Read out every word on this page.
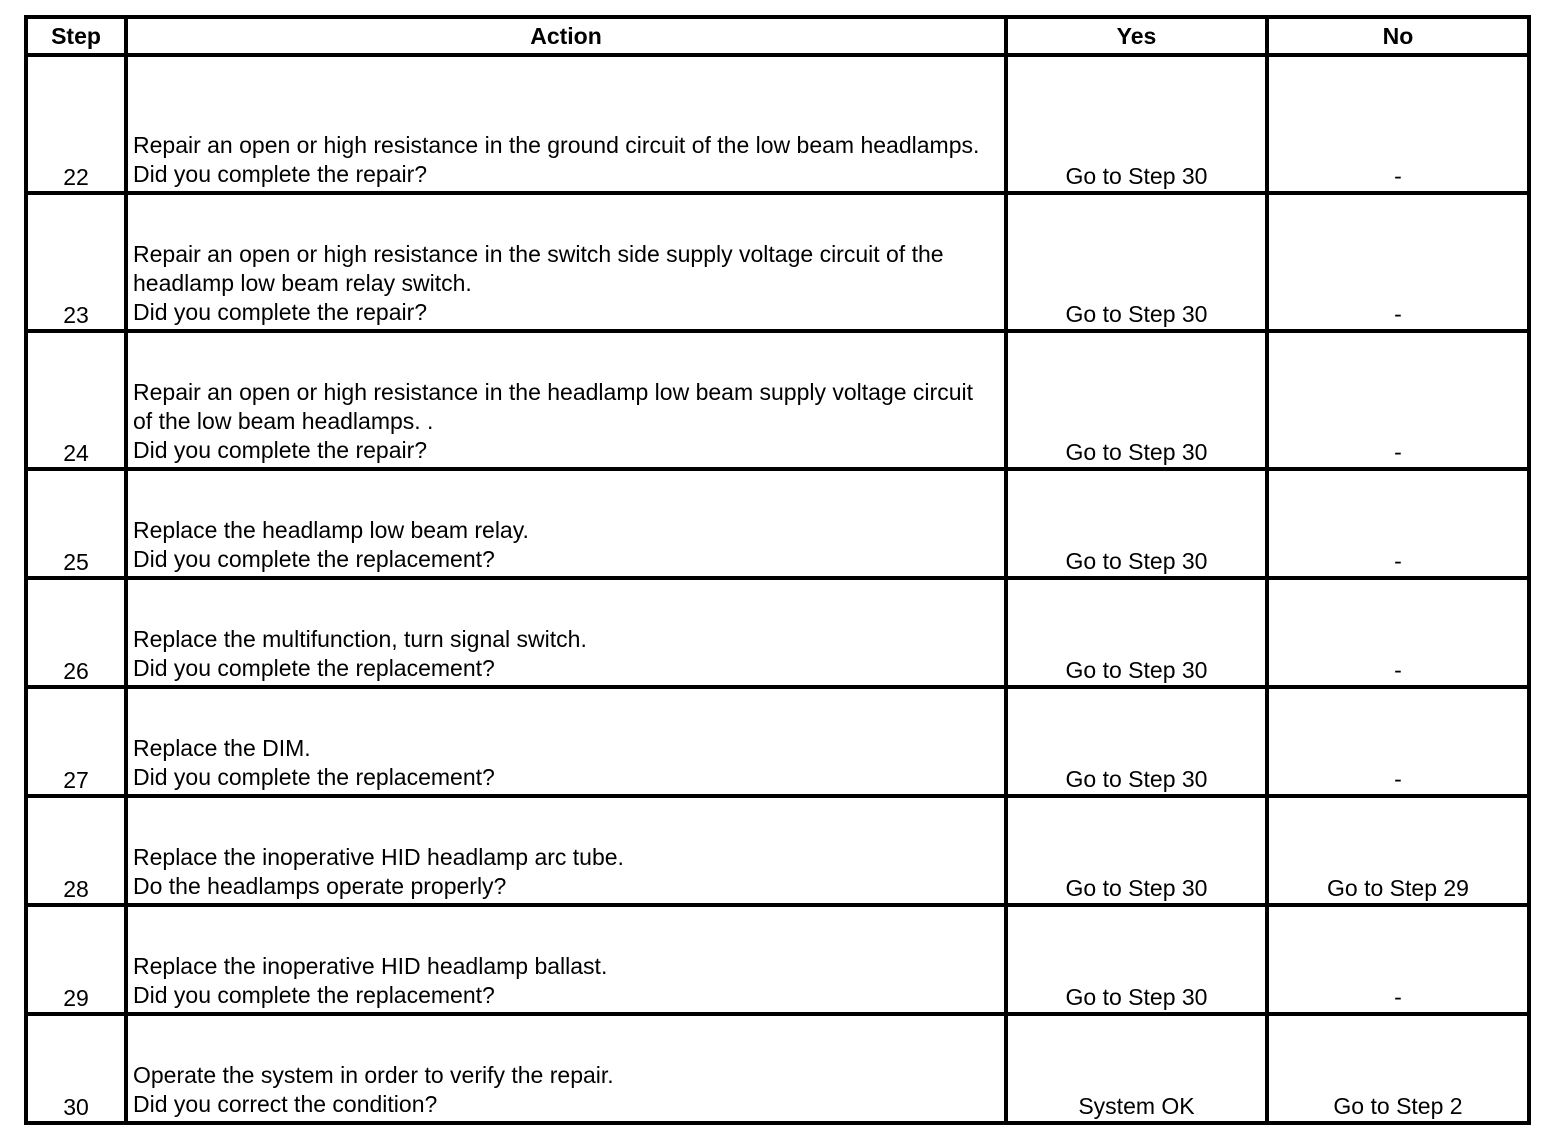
Step	Action	Yes	No
22	Repair an open or high resistance in the ground circuit of the low beam headlamps.
Did you complete the repair?	Go to Step 30	-
23	Repair an open or high resistance in the switch side supply voltage circuit of the headlamp low beam relay switch.
Did you complete the repair?	Go to Step 30	-
24	Repair an open or high resistance in the headlamp low beam supply voltage circuit of the low beam headlamps. .
Did you complete the repair?	Go to Step 30	-
25	Replace the headlamp low beam relay.
Did you complete the replacement?	Go to Step 30	-
26	Replace the multifunction, turn signal switch.
Did you complete the replacement?	Go to Step 30	-
27	Replace the DIM.
Did you complete the replacement?	Go to Step 30	-
28	Replace the inoperative HID headlamp arc tube.
Do the headlamps operate properly?	Go to Step 30	Go to Step 29
29	Replace the inoperative HID headlamp ballast.
Did you complete the replacement?	Go to Step 30	-
30	Operate the system in order to verify the repair.
Did you correct the condition?	System OK	Go to Step 2
